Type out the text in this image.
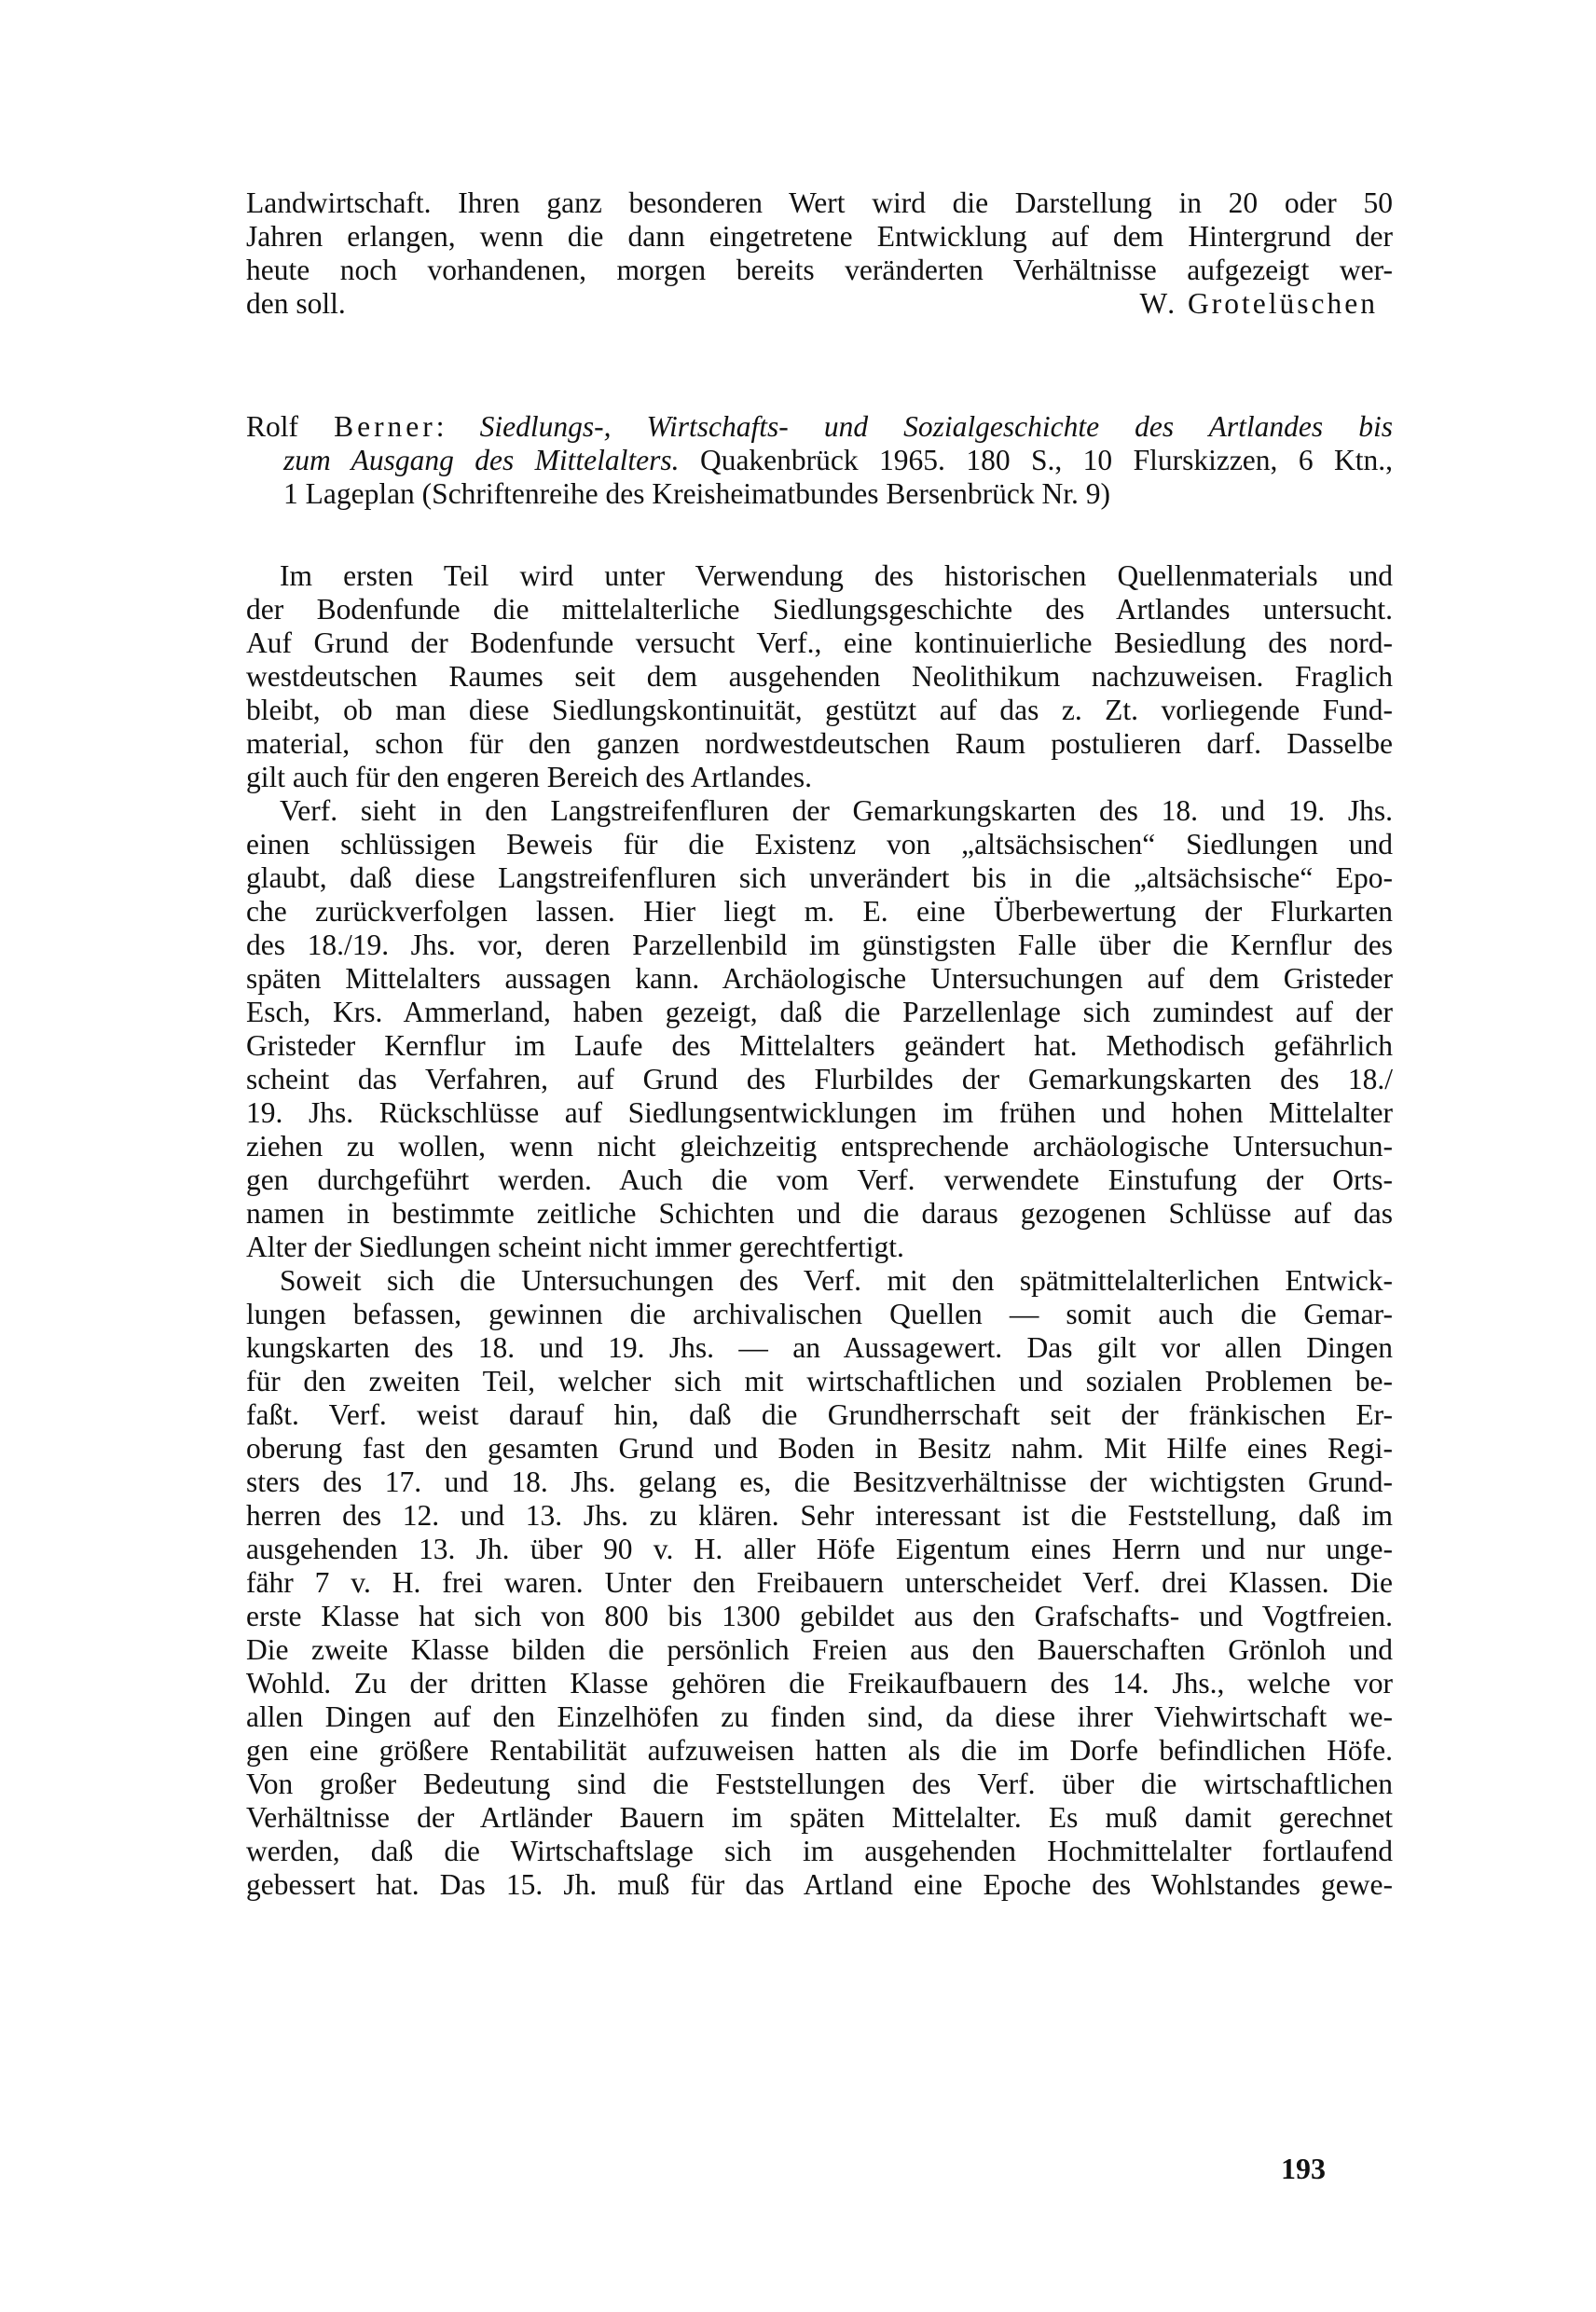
Landwirtschaft. Ihren ganz besonderen Wert wird die Darstellung in 20 oder 50
Jahren erlangen, wenn die dann eingetretene Entwicklung auf dem Hintergrund der
heute noch vorhandenen, morgen bereits veränderten Verhältnisse aufgezeigt wer-
den soll.	W. Grotelüschen
Rolf Berner: Siedlungs-, Wirtschafts- und Sozialgeschichte des Artlandes bis
zum Ausgang des Mittelalters. Quakenbrück 1965. 180 S., 10 Flurskizzen, 6 Ktn.,
1 Lageplan (Schriftenreihe des Kreisheimatbundes Bersenbrück Nr. 9)
Im ersten Teil wird unter Verwendung des historischen Quellenmaterials und
der Bodenfunde die mittelalterliche Siedlungsgeschichte des Artlandes untersucht.
Auf Grund der Bodenfunde versucht Verf., eine kontinuierliche Besiedlung des nord-
westdeutschen Raumes seit dem ausgehenden Neolithikum nachzuweisen. Fraglich
bleibt, ob man diese Siedlungskontinuität, gestützt auf das z. Zt. vorliegende Fund-
material, schon für den ganzen nordwestdeutschen Raum postulieren darf. Dasselbe
gilt auch für den engeren Bereich des Artlandes.
Verf. sieht in den Langstreifenfluren der Gemarkungskarten des 18. und 19. Jhs.
einen schlüssigen Beweis für die Existenz von „altsächsischen“ Siedlungen und
glaubt, daß diese Langstreifenfluren sich unverändert bis in die „altsächsische“ Epo-
che zurückverfolgen lassen. Hier liegt m. E. eine Überbewertung der Flurkarten
des 18./19. Jhs. vor, deren Parzellenbild im günstigsten Falle über die Kernflur des
späten Mittelalters aussagen kann. Archäologische Untersuchungen auf dem Gristeder
Esch, Krs. Ammerland, haben gezeigt, daß die Parzellenlage sich zumindest auf der
Gristeder Kernflur im Laufe des Mittelalters geändert hat. Methodisch gefährlich
scheint das Verfahren, auf Grund des Flurbildes der Gemarkungskarten des 18./
19. Jhs. Rückschlüsse auf Siedlungsentwicklungen im frühen und hohen Mittelalter
ziehen zu wollen, wenn nicht gleichzeitig entsprechende archäologische Untersuchun-
gen durchgeführt werden. Auch die vom Verf. verwendete Einstufung der Orts-
namen in bestimmte zeitliche Schichten und die daraus gezogenen Schlüsse auf das
Alter der Siedlungen scheint nicht immer gerechtfertigt.
Soweit sich die Untersuchungen des Verf. mit den spätmittelalterlichen Entwick-
lungen befassen, gewinnen die archivalischen Quellen — somit auch die Gemar-
kungskarten des 18. und 19. Jhs. — an Aussagewert. Das gilt vor allen Dingen
für den zweiten Teil, welcher sich mit wirtschaftlichen und sozialen Problemen be-
faßt. Verf. weist darauf hin, daß die Grundherrschaft seit der fränkischen Er-
oberung fast den gesamten Grund und Boden in Besitz nahm. Mit Hilfe eines Regi-
sters des 17. und 18. Jhs. gelang es, die Besitzverhältnisse der wichtigsten Grund-
herren des 12. und 13. Jhs. zu klären. Sehr interessant ist die Feststellung, daß im
ausgehenden 13. Jh. über 90 v. H. aller Höfe Eigentum eines Herrn und nur unge-
fähr 7 v. H. frei waren. Unter den Freibauern unterscheidet Verf. drei Klassen. Die
erste Klasse hat sich von 800 bis 1300 gebildet aus den Grafschafts- und Vogtfreien.
Die zweite Klasse bilden die persönlich Freien aus den Bauerschaften Grönloh und
Wohld. Zu der dritten Klasse gehören die Freikaufbauern des 14. Jhs., welche vor
allen Dingen auf den Einzelhöfen zu finden sind, da diese ihrer Viehwirtschaft we-
gen eine größere Rentabilität aufzuweisen hatten als die im Dorfe befindlichen Höfe.
Von großer Bedeutung sind die Feststellungen des Verf. über die wirtschaftlichen
Verhältnisse der Artländer Bauern im späten Mittelalter. Es muß damit gerechnet
werden, daß die Wirtschaftslage sich im ausgehenden Hochmittelalter fortlaufend
gebessert hat. Das 15. Jh. muß für das Artland eine Epoche des Wohlstandes gewe-
193
